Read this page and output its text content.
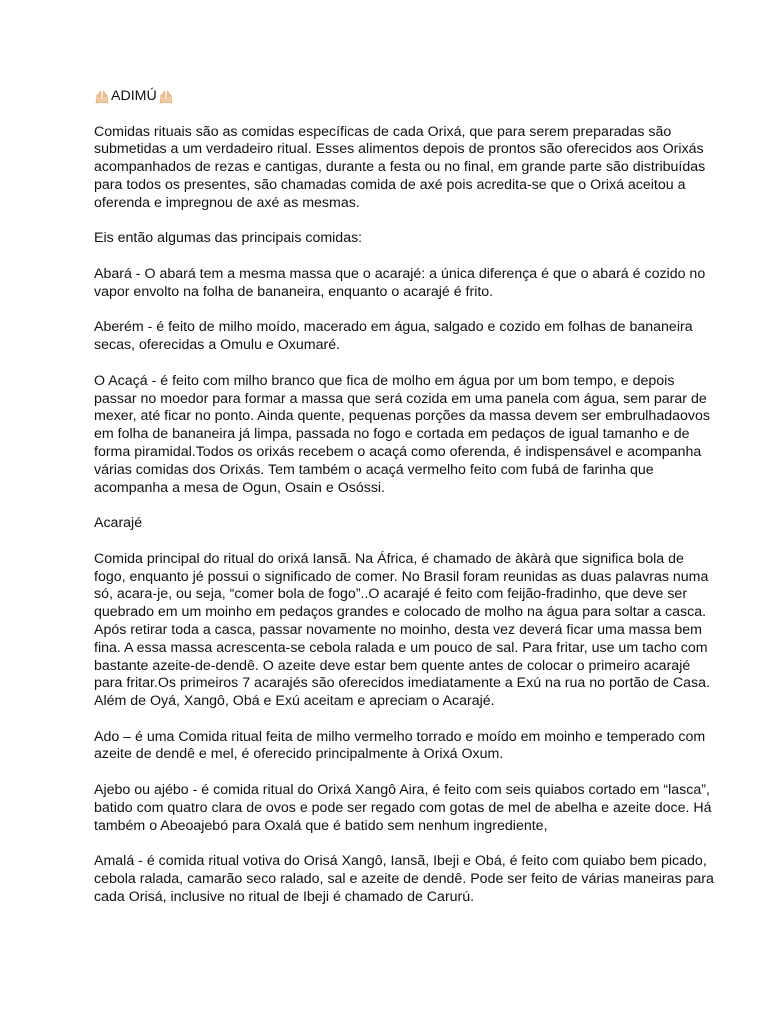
ADIMÚ

Comidas rituais são as comidas específicas de cada Orixá, que para serem preparadas são submetidas a um verdadeiro ritual. Esses alimentos depois de prontos são oferecidos aos Orixás acompanhados de rezas e cantigas, durante a festa ou no final, em grande parte são distribuídas para todos os presentes, são chamadas comida de axé pois acredita-se que o Orixá aceitou a oferenda e impregnou de axé as mesmas.

Eis então algumas das principais comidas:

Abará - O abará tem a mesma massa que o acarajé: a única diferença é que o abará é cozido no vapor envolto na folha de bananeira, enquanto o acarajé é frito.

Aberém - é feito de milho moído, macerado em água, salgado e cozido em folhas de bananeira secas, oferecidas a Omulu e Oxumaré.

O Acaçá - é feito com milho branco que fica de molho em água por um bom tempo, e depois passar no moedor para formar a massa que será cozida em uma panela com água, sem parar de mexer, até ficar no ponto. Ainda quente, pequenas porções da massa devem ser embrulhadaovos em folha de bananeira já limpa, passada no fogo e cortada em pedaços de igual tamanho e de forma piramidal.Todos os orixás recebem o acaçá como oferenda, é indispensável e acompanha várias comidas dos Orixás. Tem também o acaçá vermelho feito com fubá de farinha que acompanha a mesa de Ogun, Osain e Osóssi.

Acarajé

Comida principal do ritual do orixá Iansã. Na África, é chamado de àkàrà que significa bola de fogo, enquanto jé possui o significado de comer. No Brasil foram reunidas as duas palavras numa só, acara-je, ou seja, “comer bola de fogo”..O acarajé é feito com feijão-fradinho, que deve ser quebrado em um moinho em pedaços grandes e colocado de molho na água para soltar a casca. Após retirar toda a casca, passar novamente no moinho, desta vez deverá ficar uma massa bem fina. A essa massa acrescenta-se cebola ralada e um pouco de sal. Para fritar, use um tacho com bastante azeite-de-dendê. O azeite deve estar bem quente antes de colocar o primeiro acarajé para fritar.Os primeiros 7 acarajés são oferecidos imediatamente a Exú na rua no portão de Casa. Além de Oyá, Xangô, Obá e Exú aceitam e apreciam o Acarajé.

Ado – é uma Comida ritual feita de milho vermelho torrado e moído em moinho e temperado com azeite de dendê e mel, é oferecido principalmente à Orixá Oxum.

Ajebo ou ajébo - é comida ritual do Orixá Xangô Aira, é feito com seis quiabos cortado em “lasca”, batido com quatro clara de ovos e pode ser regado com gotas de mel de abelha e azeite doce. Há também o Abeoajebó para Oxalá que é batido sem nenhum ingrediente,

Amalá - é comida ritual votiva do Orisá Xangô, Iansã, Ibeji e Obá, é feito com quiabo bem picado, cebola ralada, camarão seco ralado, sal e azeite de dendê. Pode ser feito de várias maneiras para cada Orisá, inclusive no ritual de Ibeji é chamado de Carurú.
